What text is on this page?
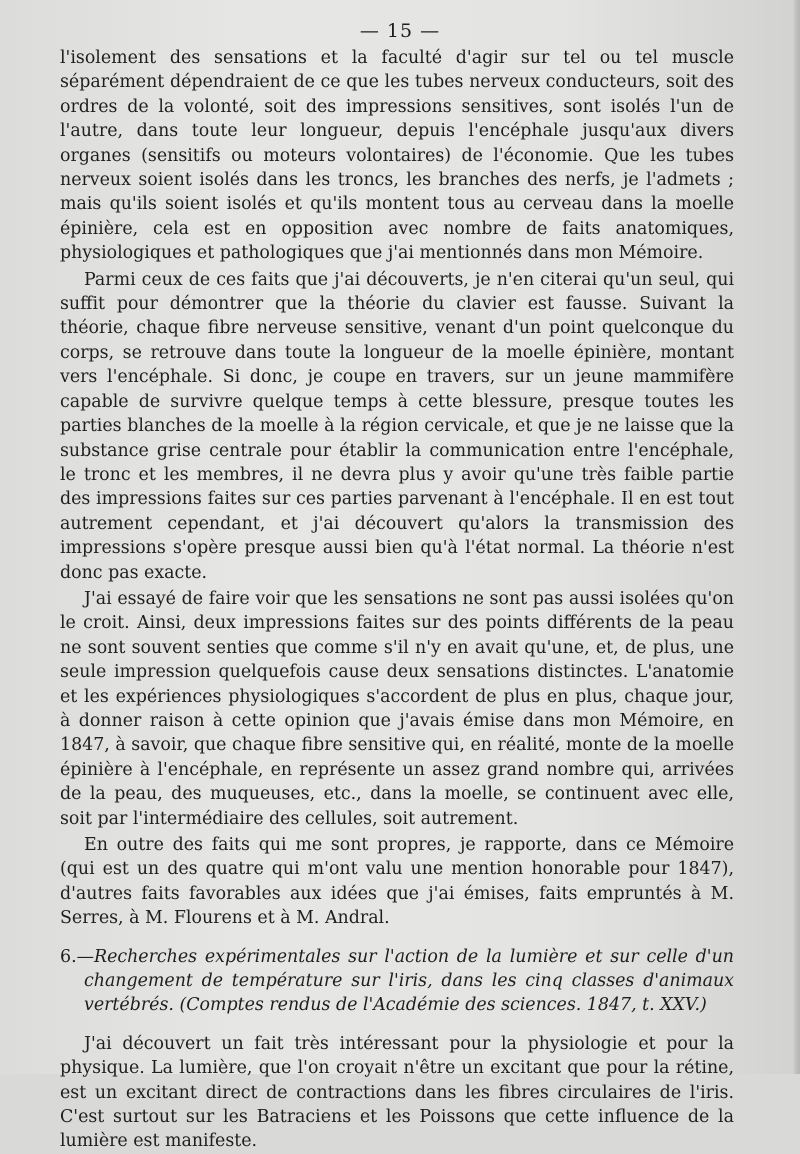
— 15 —

l'isolement des sensations et la faculté d'agir sur tel ou tel muscle séparément dépendraient de ce que les tubes nerveux conducteurs, soit des ordres de la volonté, soit des impressions sensitives, sont isolés l'un de l'autre, dans toute leur longueur, depuis l'encéphale jusqu'aux divers organes (sensitifs ou moteurs volontaires) de l'économie. Que les tubes nerveux soient isolés dans les troncs, les branches des nerfs, je l'admets ; mais qu'ils soient isolés et qu'ils montent tous au cerveau dans la moelle épinière, cela est en opposition avec nombre de faits anatomiques, physiologiques et pathologiques que j'ai mentionnés dans mon Mémoire.

Parmi ceux de ces faits que j'ai découverts, je n'en citerai qu'un seul, qui suffit pour démontrer que la théorie du clavier est fausse. Suivant la théorie, chaque fibre nerveuse sensitive, venant d'un point quelconque du corps, se retrouve dans toute la longueur de la moelle épinière, montant vers l'encéphale. Si donc, je coupe en travers, sur un jeune mammifère capable de survivre quelque temps à cette blessure, presque toutes les parties blanches de la moelle à la région cervicale, et que je ne laisse que la substance grise centrale pour établir la communication entre l'encéphale, le tronc et les membres, il ne devra plus y avoir qu'une très faible partie des impressions faites sur ces parties parvenant à l'encéphale. Il en est tout autrement cependant, et j'ai découvert qu'alors la transmission des impressions s'opère presque aussi bien qu'à l'état normal. La théorie n'est donc pas exacte.

J'ai essayé de faire voir que les sensations ne sont pas aussi isolées qu'on le croit. Ainsi, deux impressions faites sur des points différents de la peau ne sont souvent senties que comme s'il n'y en avait qu'une, et, de plus, une seule impression quelquefois cause deux sensations distinctes. L'anatomie et les expériences physiologiques s'accordent de plus en plus, chaque jour, à donner raison à cette opinion que j'avais émise dans mon Mémoire, en 1847, à savoir, que chaque fibre sensitive qui, en réalité, monte de la moelle épinière à l'encéphale, en représente un assez grand nombre qui, arrivées de la peau, des muqueuses, etc., dans la moelle, se continuent avec elle, soit par l'intermédiaire des cellules, soit autrement.

En outre des faits qui me sont propres, je rapporte, dans ce Mémoire (qui est un des quatre qui m'ont valu une mention honorable pour 1847), d'autres faits favorables aux idées que j'ai émises, faits empruntés à M. Serres, à M. Flourens et à M. Andral.

6.—Recherches expérimentales sur l'action de la lumière et sur celle d'un changement de température sur l'iris, dans les cinq classes d'animaux vertébrés. (Comptes rendus de l'Académie des sciences. 1847, t. XXV.)

J'ai découvert un fait très intéressant pour la physiologie et pour la physique. La lumière, que l'on croyait n'être un excitant que pour la rétine, est un excitant direct de contractions dans les fibres circulaires de l'iris. C'est surtout sur les Batraciens et les Poissons que cette influence de la lumière est manifeste.
